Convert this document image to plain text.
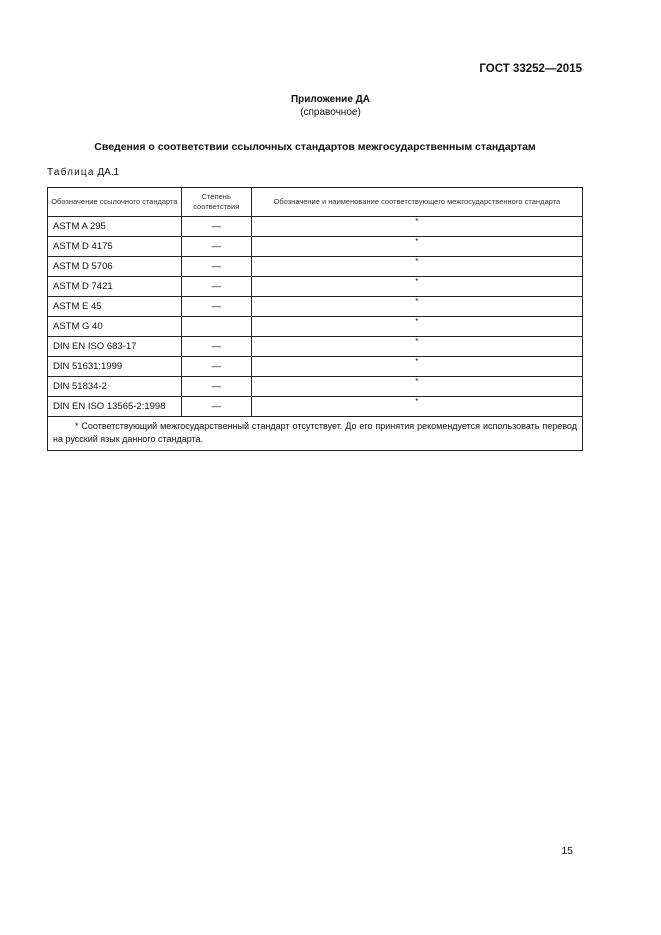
ГОСТ 33252—2015
Приложение ДА
(справочное)
Сведения о соответствии ссылочных стандартов межгосударственным стандартам
Таблица ДА.1
Обозначение ссылочного стандарта	Степень соответствия	Обозначение и наименование соответствующего межгосударственного стандарта
ASTM A 295	—	*
ASTM D 4175	—	*
ASTM D 5706	—	*
ASTM D 7421	—	*
ASTM E 45	—	*
ASTM G 40		*
DIN EN ISO 683-17	—	*
DIN 51631:1999	—	*
DIN 51834-2	—	*
DIN EN ISO 13565-2:1998	—	*
* Соответствующий межгосударственный стандарт отсутствует. До его принятия рекомендуется использовать перевод на русский язык данного стандарта.		
15
